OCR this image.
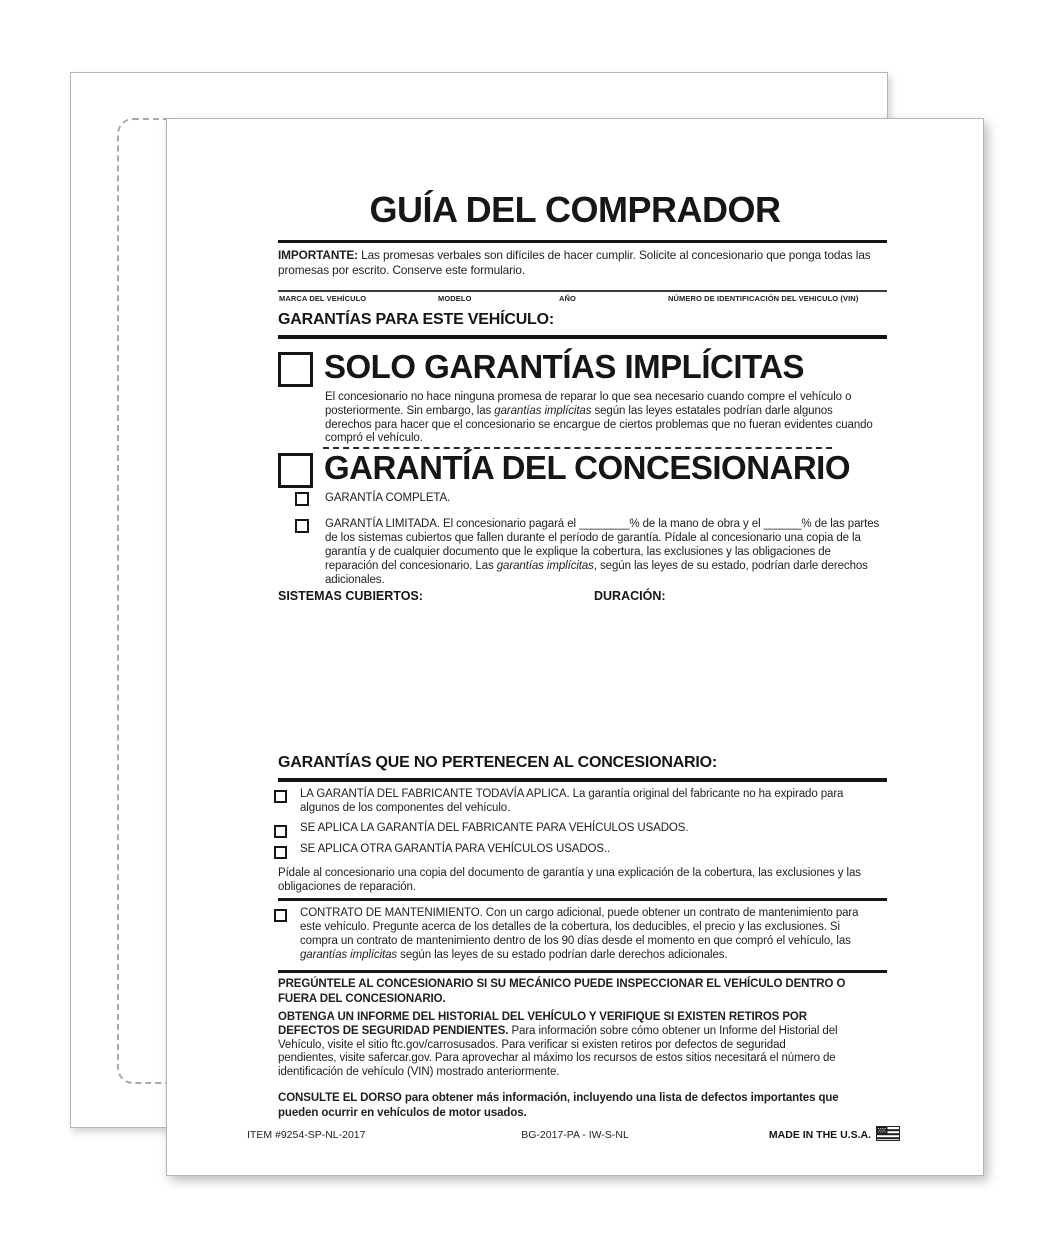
GUÍA DEL COMPRADOR
IMPORTANTE: Las promesas verbales son difíciles de hacer cumplir. Solicite al concesionario que ponga todas las
promesas por escrito. Conserve este formulario.
MARCA DEL VEHÍCULO	MODELO	AÑO	NÚMERO DE IDENTIFICACIÓN DEL VEHICULO (VIN)
GARANTÍAS PARA ESTE VEHÍCULO:
SOLO GARANTÍAS IMPLÍCITAS
El concesionario no hace ninguna promesa de reparar lo que sea necesario cuando compre el vehículo o
posteriormente. Sin embargo, las garantías implícitas según las leyes estatales podrían darle algunos
derechos para hacer que el concesionario se encargue de ciertos problemas que no fueran evidentes cuando
compró el vehículo.
GARANTÍA DEL CONCESIONARIO
GARANTÍA COMPLETA.
GARANTÍA LIMITADA. El concesionario pagará el ________% de la mano de obra y el ______% de las partes
de los sistemas cubiertos que fallen durante el período de garantía. Pídale al concesionario una copia de la
garantía y de cualquier documento que le explique la cobertura, las exclusiones y las obligaciones de
reparación del concesionario. Las garantías implícitas, según las leyes de su estado, podrían darle derechos
adicionales.
SISTEMAS CUBIERTOS:	DURACIÓN:
GARANTÍAS QUE NO PERTENECEN AL CONCESIONARIO:
LA GARANTÍA DEL FABRICANTE TODAVÍA APLICA. La garantía original del fabricante no ha expirado para
algunos de los componentes del vehículo.
SE APLICA LA GARANTÍA DEL FABRICANTE PARA VEHÍCULOS USADOS.
SE APLICA OTRA GARANTÍA PARA VEHÍCULOS USADOS..
Pídale al concesionario una copia del documento de garantía y una explicación de la cobertura, las exclusiones y las
obligaciones de reparación.
CONTRATO DE MANTENIMIENTO. Con un cargo adicional, puede obtener un contrato de mantenimiento para
este vehículo. Pregunte acerca de los detalles de la cobertura, los deducibles, el precio y las exclusiones. Si
compra un contrato de mantenimiento dentro de los 90 días desde el momento en que compró el vehículo, las
garantías implícitas según las leyes de su estado podrían darle derechos adicionales.
PREGÚNTELE AL CONCESIONARIO SI SU MECÁNICO PUEDE INSPECCIONAR EL VEHÍCULO DENTRO O
FUERA DEL CONCESIONARIO.
OBTENGA UN INFORME DEL HISTORIAL DEL VEHÍCULO Y VERIFIQUE SI EXISTEN RETIROS POR
DEFECTOS DE SEGURIDAD PENDIENTES. Para información sobre cómo obtener un Informe del Historial del
Vehículo, visite el sitio ftc.gov/carrosusados. Para verificar si existen retiros por defectos de seguridad
pendientes, visite safercar.gov. Para aprovechar al máximo los recursos de estos sitios necesitará el número de
identificación de vehículo (VIN) mostrado anteriormente.
CONSULTE EL DORSO para obtener más información, incluyendo una lista de defectos importantes que
pueden ocurrir en vehículos de motor usados.
ITEM #9254-SP-NL-2017	BG-2017-PA - IW-S-NL	MADE IN THE U.S.A.
